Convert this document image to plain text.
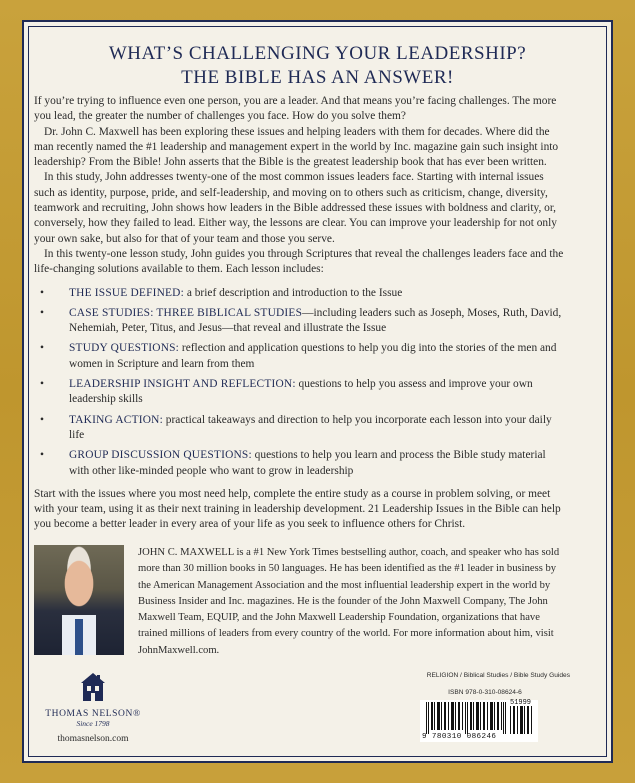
WHAT’S CHALLENGING YOUR LEADERSHIP?
THE BIBLE HAS AN ANSWER!

If you’re trying to influence even one person, you are a leader. And that means you’re facing challenges. The more you lead, the greater the number of challenges you face. How do you solve them?

Dr. John C. Maxwell has been exploring these issues and helping leaders with them for decades. Where did the man recently named the #1 leadership and management expert in the world by Inc. magazine gain such insight into leadership? From the Bible! John asserts that the Bible is the greatest leadership book that has ever been written.

In this study, John addresses twenty-one of the most common issues leaders face. Starting with internal issues such as identity, purpose, pride, and self-leadership, and moving on to others such as criticism, change, diversity, teamwork and recruiting, John shows how leaders in the Bible addressed these issues with boldness and clarity, or, conversely, how they failed to lead. Either way, the lessons are clear. You can improve your leadership for not only your own sake, but also for that of your team and those you serve.

In this twenty-one lesson study, John guides you through Scriptures that reveal the challenges leaders face and the life-changing solutions available to them. Each lesson includes:

• THE ISSUE DEFINED: a brief description and introduction to the Issue
• CASE STUDIES: THREE BIBLICAL STUDIES—including leaders such as Joseph, Moses, Ruth, David, Nehemiah, Peter, Titus, and Jesus—that reveal and illustrate the Issue
• STUDY QUESTIONS: reflection and application questions to help you dig into the stories of the men and women in Scripture and learn from them
• LEADERSHIP INSIGHT AND REFLECTION: questions to help you assess and improve your own leadership skills
• TAKING ACTION: practical takeaways and direction to help you incorporate each lesson into your daily life
• GROUP DISCUSSION QUESTIONS: questions to help you learn and process the Bible study material with other like-minded people who want to grow in leadership

Start with the issues where you most need help, complete the entire study as a course in problem solving, or meet with your team, using it as their next training in leadership development. 21 Leadership Issues in the Bible can help you become a better leader in every area of your life as you seek to influence others for Christ.

JOHN C. MAXWELL is a #1 New York Times bestselling author, coach, and speaker who has sold more than 30 million books in 50 languages. He has been identified as the #1 leader in business by the American Management Association and the most influential leadership expert in the world by Business Insider and Inc. magazines. He is the founder of the John Maxwell Company, The John Maxwell Team, EQUIP, and the John Maxwell Leadership Foundation, organizations that have trained millions of leaders from every country of the world. For more information about him, visit JohnMaxwell.com.
THOMAS NELSON®
Since 1798
thomasnelson.com
RELIGION / Biblical Studies / Bible Study Guides
ISBN 978-0-310-08624-6
9 780310 086246
51999
